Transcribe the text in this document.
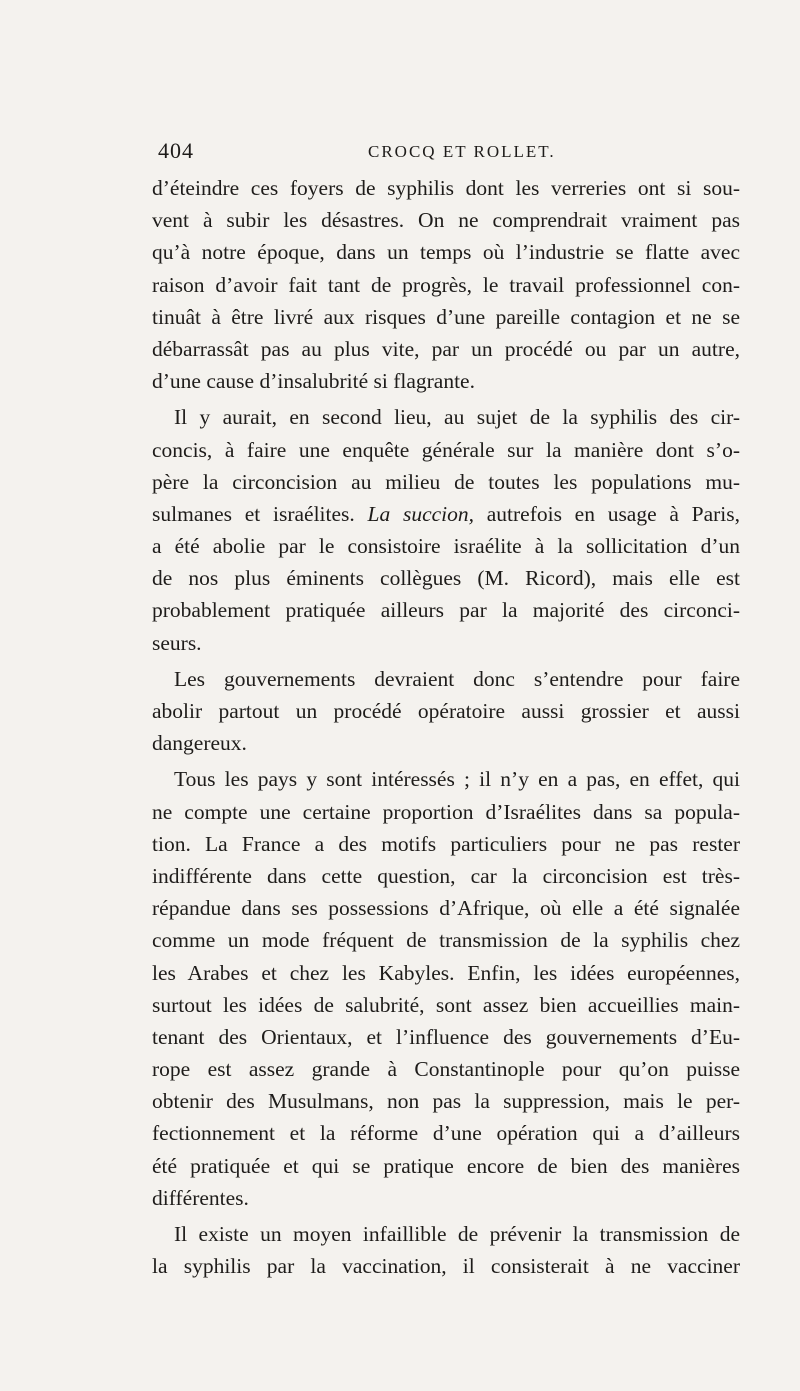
404	CROCQ ET ROLLET.
d’éteindre ces foyers de syphilis dont les verreries ont si sou-
vent à subir les désastres. On ne comprendrait vraiment pas
qu’à notre époque, dans un temps où l’industrie se flatte avec
raison d’avoir fait tant de progrès, le travail professionnel con-
tinuât à être livré aux risques d’une pareille contagion et ne se
débarrassât pas au plus vite, par un procédé ou par un autre,
d’une cause d’insalubrité si flagrante.
Il y aurait, en second lieu, au sujet de la syphilis des cir-
concis, à faire une enquête générale sur la manière dont s’o-
père la circoncision au milieu de toutes les populations mu-
sulmanes et israélites. La succion, autrefois en usage à Paris,
a été abolie par le consistoire israélite à la sollicitation d’un
de nos plus éminents collègues (M. Ricord), mais elle est
probablement pratiquée ailleurs par la majorité des circonci-
seurs.
Les gouvernements devraient donc s’entendre pour faire
abolir partout un procédé opératoire aussi grossier et aussi
dangereux.
Tous les pays y sont intéressés ; il n’y en a pas, en effet, qui
ne compte une certaine proportion d’Israélites dans sa popula-
tion. La France a des motifs particuliers pour ne pas rester
indifférente dans cette question, car la circoncision est très-
répandue dans ses possessions d’Afrique, où elle a été signalée
comme un mode fréquent de transmission de la syphilis chez
les Arabes et chez les Kabyles. Enfin, les idées européennes,
surtout les idées de salubrité, sont assez bien accueillies main-
tenant des Orientaux, et l’influence des gouvernements d’Eu-
rope est assez grande à Constantinople pour qu’on puisse
obtenir des Musulmans, non pas la suppression, mais le per-
fectionnement et la réforme d’une opération qui a d’ailleurs
été pratiquée et qui se pratique encore de bien des manières
différentes.
Il existe un moyen infaillible de prévenir la transmission de
la syphilis par la vaccination, il consisterait à ne vacciner
